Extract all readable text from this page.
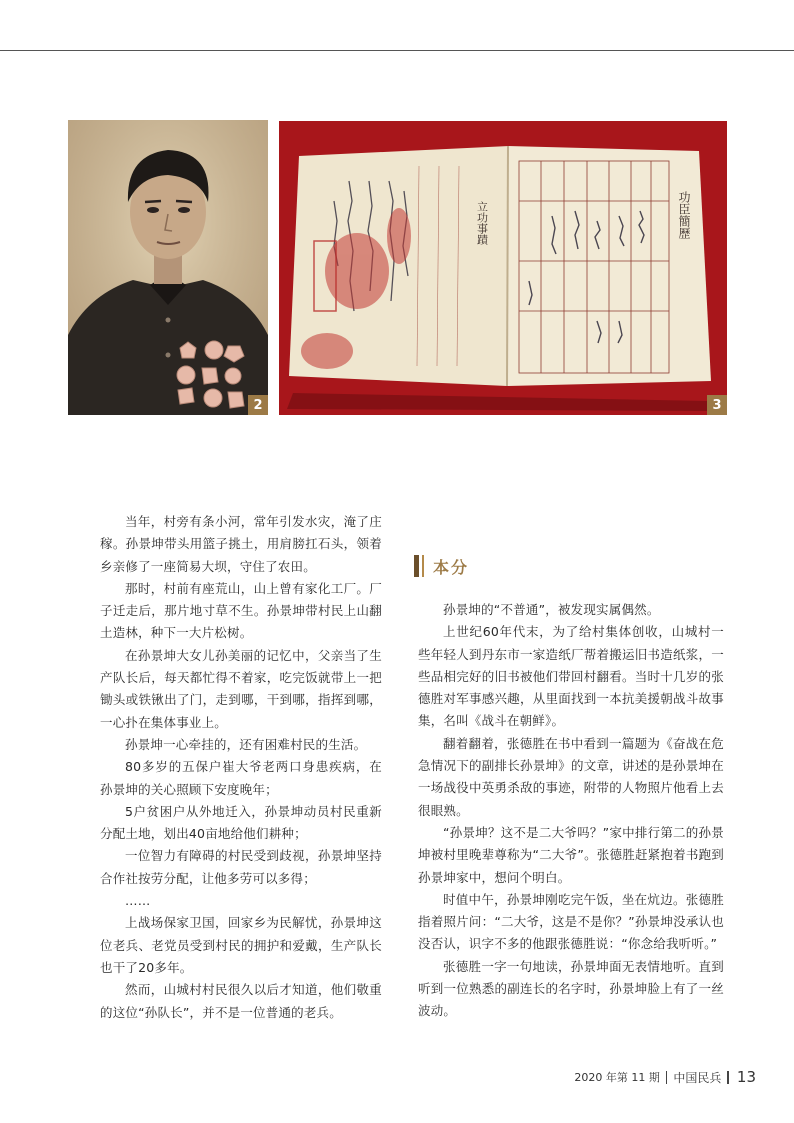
2
功臣簡歷
立功事蹟
3

当年，村旁有条小河，常年引发水灾，淹了庄稼。孙景坤带头用篮子挑土，用肩膀扛石头，领着乡亲修了一座简易大坝，守住了农田。

那时，村前有座荒山，山上曾有家化工厂。厂子迁走后，那片地寸草不生。孙景坤带村民上山翻土造林，种下一大片松树。

在孙景坤大女儿孙美丽的记忆中，父亲当了生产队长后，每天都忙得不着家，吃完饭就带上一把锄头或铁锹出了门，走到哪，干到哪，指挥到哪，一心扑在集体事业上。

孙景坤一心牵挂的，还有困难村民的生活。

80多岁的五保户崔大爷老两口身患疾病，在孙景坤的关心照顾下安度晚年；

5户贫困户从外地迁入，孙景坤动员村民重新分配土地，划出40亩地给他们耕种；

一位智力有障碍的村民受到歧视，孙景坤坚持合作社按劳分配，让他多劳可以多得；

……

上战场保家卫国，回家乡为民解忧，孙景坤这位老兵、老党员受到村民的拥护和爱戴，生产队长也干了20多年。

然而，山城村村民很久以后才知道，他们敬重的这位“孙队长”，并不是一位普通的老兵。

本分

孙景坤的“不普通”，被发现实属偶然。

上世纪60年代末，为了给村集体创收，山城村一些年轻人到丹东市一家造纸厂帮着搬运旧书造纸浆，一些品相完好的旧书被他们带回村翻看。当时十几岁的张德胜对军事感兴趣，从里面找到一本抗美援朝战斗故事集，名叫《战斗在朝鲜》。

翻着翻着，张德胜在书中看到一篇题为《奋战在危急情况下的副排长孙景坤》的文章，讲述的是孙景坤在一场战役中英勇杀敌的事迹，附带的人物照片他看上去很眼熟。

“孙景坤？这不是二大爷吗？”家中排行第二的孙景坤被村里晚辈尊称为“二大爷”。张德胜赶紧抱着书跑到孙景坤家中，想问个明白。

时值中午，孙景坤刚吃完午饭，坐在炕边。张德胜指着照片问：“二大爷，这是不是你？”孙景坤没承认也没否认，识字不多的他跟张德胜说：“你念给我听听。”

张德胜一字一句地读，孙景坤面无表情地听。直到听到一位熟悉的副连长的名字时，孙景坤脸上有了一丝波动。

2020 年第 11 期 中国民兵 13
